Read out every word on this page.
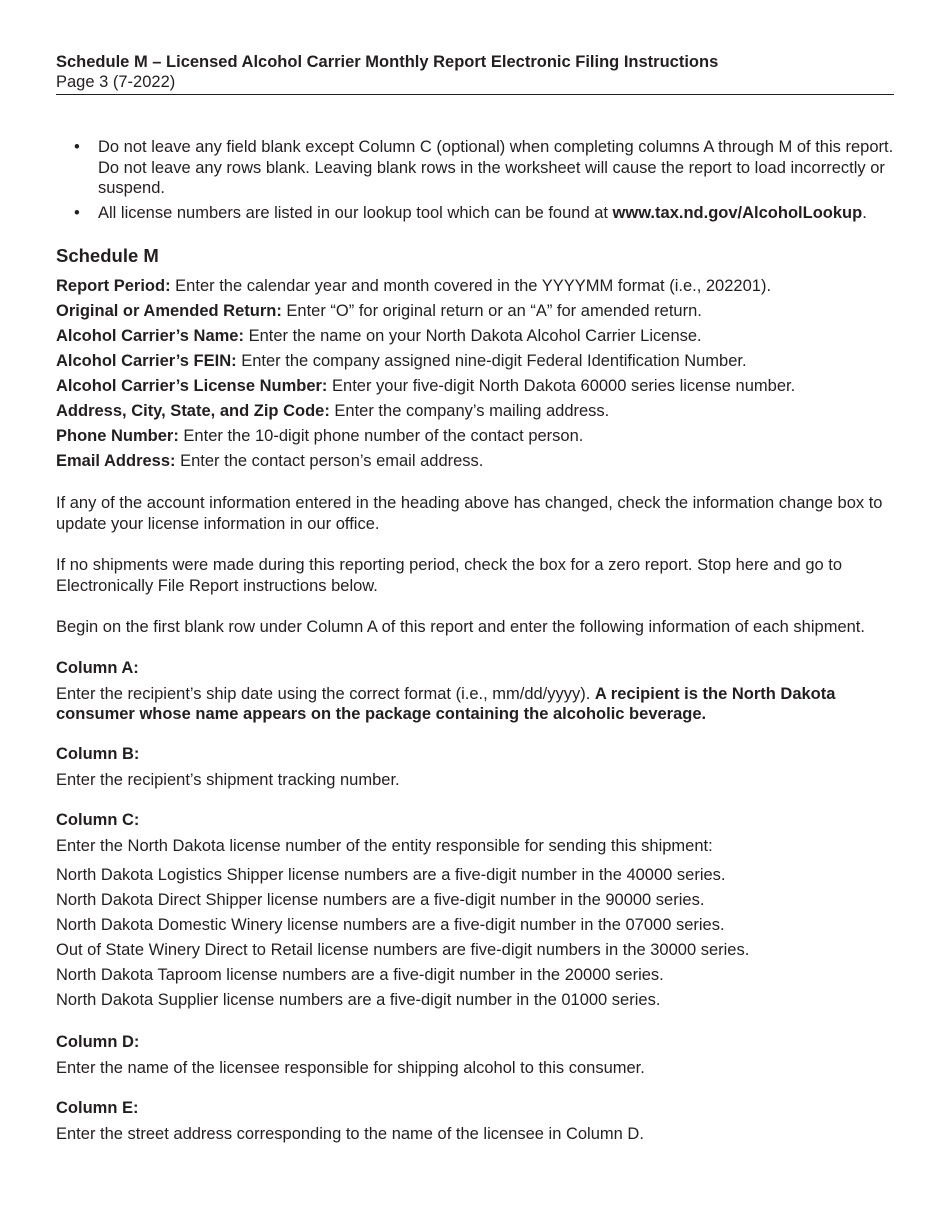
Schedule M – Licensed Alcohol Carrier Monthly Report Electronic Filing Instructions
Page 3 (7-2022)
• Do not leave any field blank except Column C (optional) when completing columns A through M of this report. Do not leave any rows blank. Leaving blank rows in the worksheet will cause the report to load incorrectly or suspend.
• All license numbers are listed in our lookup tool which can be found at www.tax.nd.gov/AlcoholLookup.
Schedule M
Report Period: Enter the calendar year and month covered in the YYYYMM format (i.e., 202201).
Original or Amended Return: Enter “O” for original return or an “A” for amended return.
Alcohol Carrier’s Name: Enter the name on your North Dakota Alcohol Carrier License.
Alcohol Carrier’s FEIN: Enter the company assigned nine-digit Federal Identification Number.
Alcohol Carrier’s License Number: Enter your five-digit North Dakota 60000 series license number.
Address, City, State, and Zip Code: Enter the company’s mailing address.
Phone Number: Enter the 10-digit phone number of the contact person.
Email Address: Enter the contact person’s email address.

If any of the account information entered in the heading above has changed, check the information change box to update your license information in our office.

If no shipments were made during this reporting period, check the box for a zero report. Stop here and go to Electronically File Report instructions below.

Begin on the first blank row under Column A of this report and enter the following information of each shipment.

Column A:

Enter the recipient’s ship date using the correct format (i.e., mm/dd/yyyy). A recipient is the North Dakota consumer whose name appears on the package containing the alcoholic beverage.

Column B:

Enter the recipient’s shipment tracking number.

Column C:

Enter the North Dakota license number of the entity responsible for sending this shipment:

North Dakota Logistics Shipper license numbers are a five-digit number in the 40000 series.
North Dakota Direct Shipper license numbers are a five-digit number in the 90000 series.
North Dakota Domestic Winery license numbers are a five-digit number in the 07000 series.
Out of State Winery Direct to Retail license numbers are five-digit numbers in the 30000 series.
North Dakota Taproom license numbers are a five-digit number in the 20000 series.
North Dakota Supplier license numbers are a five-digit number in the 01000 series.
Column D:

Enter the name of the licensee responsible for shipping alcohol to this consumer.

Column E:

Enter the street address corresponding to the name of the licensee in Column D.
